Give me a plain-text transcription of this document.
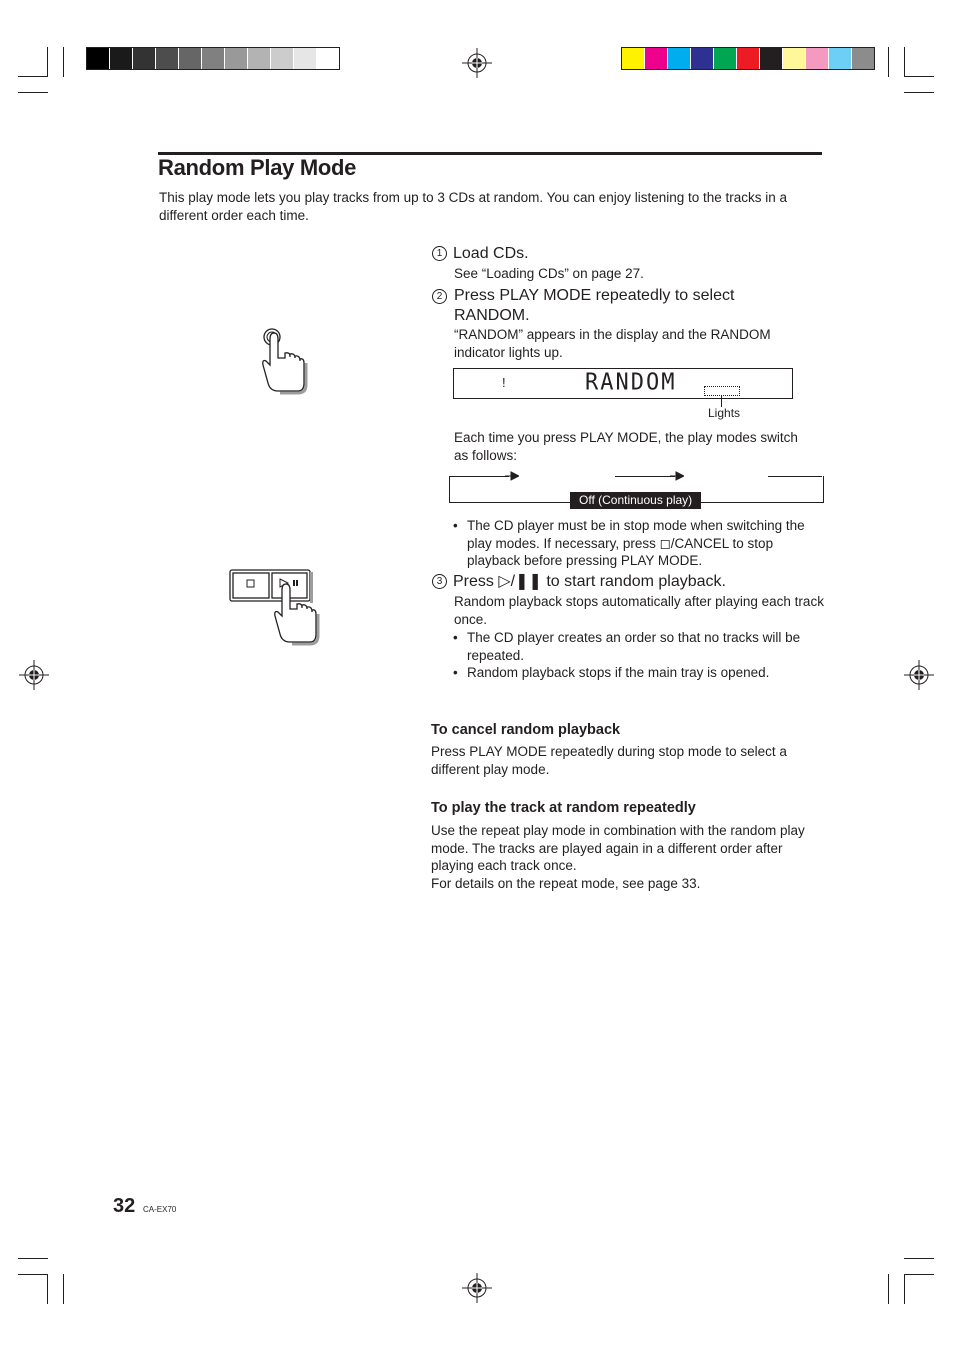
Random Play Mode
This play mode lets you play tracks from up to 3 CDs at random. You can enjoy listening to the tracks in a different order each time.
1 Load CDs.
See “Loading CDs” on page 27.
2 Press PLAY MODE repeatedly to select RANDOM.
“RANDOM” appears in the display and the RANDOM indicator lights up.
!	RANDOM
Lights
Each time you press PLAY MODE, the play modes switch as follows:
Off (Continuous play)
• The CD player must be in stop mode when switching the play modes. If necessary, press ◻/CANCEL to stop playback before pressing PLAY MODE.
3 Press ▷/❚❚ to start random playback.
Random playback stops automatically after playing each track once.
• The CD player creates an order so that no tracks will be repeated.
• Random playback stops if the main tray is opened.
To cancel random playback
Press PLAY MODE repeatedly during stop mode to select a different play mode.
To play the track at random repeatedly
Use the repeat play mode in combination with the random play mode. The tracks are played again in a different order after playing each track once.
For details on the repeat mode, see page 33.
32 CA-EX70
